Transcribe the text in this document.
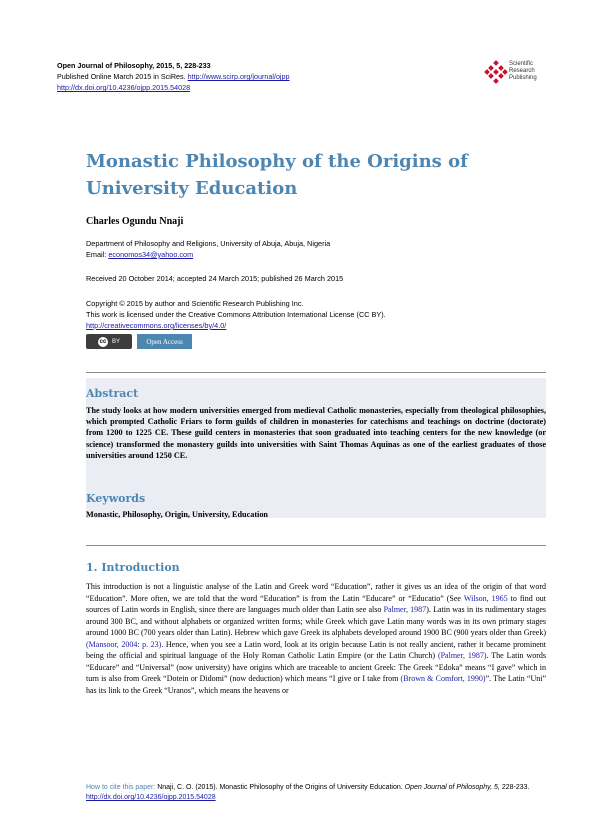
Open Journal of Philosophy, 2015, 5, 228-233
Published Online March 2015 in SciRes. http://www.scirp.org/journal/ojpp
http://dx.doi.org/10.4236/ojpp.2015.54028
Scientific
Research
Publishing
Monastic Philosophy of the Origins of
University Education
Charles Ogundu Nnaji
Department of Philosophy and Religions, University of Abuja, Abuja, Nigeria
Email: economos34@yahoo.com
Received 20 October 2014; accepted 24 March 2015; published 26 March 2015
Copyright © 2015 by author and Scientific Research Publishing Inc.
This work is licensed under the Creative Commons Attribution International License (CC BY).
http://creativecommons.org/licenses/by/4.0/
cc BY	Open Access
Abstract
The study looks at how modern universities emerged from medieval Catholic monasteries, especially from theological philosophies, which prompted Catholic Friars to form guilds of children in monasteries for catechisms and teachings on doctrine (doctorate) from 1200 to 1225 CE. These guild centers in monasteries that soon graduated into teaching centers for the new knowledge (or science) transformed the monastery guilds into universities with Saint Thomas Aquinas as one of the earliest graduates of those universities around 1250 CE.
Keywords
Monastic, Philosophy, Origin, University, Education
1. Introduction
This introduction is not a linguistic analyse of the Latin and Greek word “Education”, rather it gives us an idea of the origin of that word “Education”. More often, we are told that the word “Education” is from the Latin “Educare” or “Educatio” (See Wilson, 1965 to find out sources of Latin words in English, since there are languages much older than Latin see also Palmer, 1987). Latin was in its rudimentary stages around 300 BC, and without alphabets or organized written forms; while Greek which gave Latin many words was in its own primary stages around 1000 BC (700 years older than Latin). Hebrew which gave Greek its alphabets developed around 1900 BC (900 years older than Greek) (Mansoor, 2004: p. 23). Hence, when you see a Latin word, look at its origin because Latin is not really ancient, rather it became prominent being the official and spiritual language of the Holy Roman Catholic Latin Empire (or the Latin Church) (Palmer, 1987). The Latin words “Educare” and “Universal” (now university) have origins which are traceable to ancient Greek: The Greek “Edoka” means “I gave” which in turn is also from Greek “Dotein or Didomi” (now deduction) which means “I give or I take from (Brown & Comfort, 1990)”. The Latin “Uni” has its link to the Greek “Uranos”, which means the heavens or
How to cite this paper: Nnaji, C. O. (2015). Monastic Philosophy of the Origins of University Education. Open Journal of Philosophy, 5, 228-233. http://dx.doi.org/10.4236/ojpp.2015.54028
